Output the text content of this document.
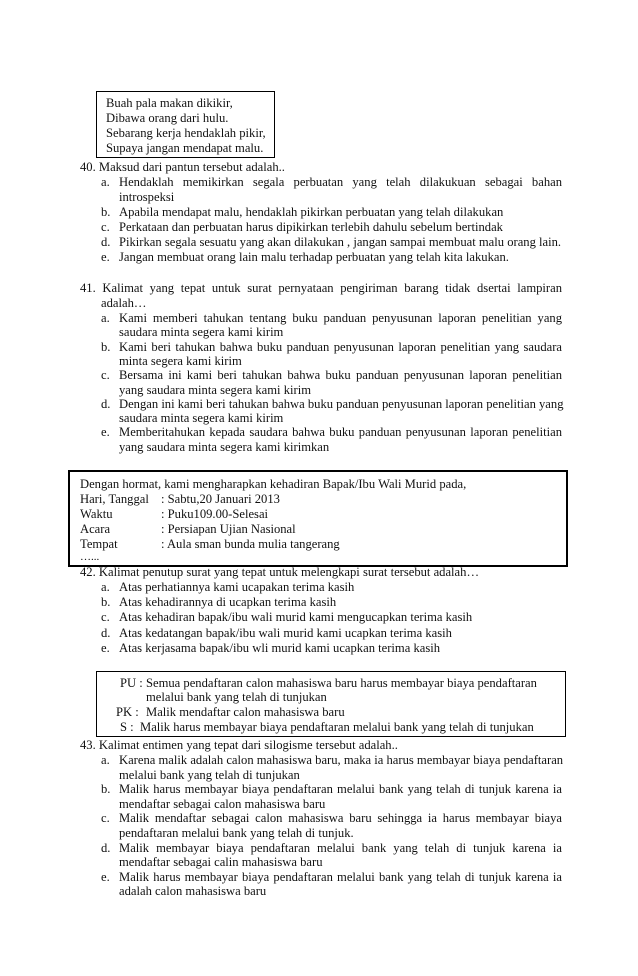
Buah pala makan dikikir,
Dibawa orang dari hulu.
Sebarang kerja hendaklah pikir,
Supaya jangan mendapat malu.
40. Maksud dari pantun tersebut adalah..
a. Hendaklah memikirkan segala perbuatan yang telah dilakukuan sebagai bahan
introspeksi
b. Apabila mendapat malu, hendaklah pikirkan perbuatan yang telah dilakukan
c. Perkataan dan perbuatan harus dipikirkan terlebih dahulu sebelum bertindak
d. Pikirkan segala sesuatu yang akan dilakukan , jangan sampai membuat malu orang lain.
e. Jangan membuat orang lain malu terhadap perbuatan yang telah kita lakukan.
41. Kalimat yang tepat untuk surat pernyataan pengiriman barang tidak dsertai lampiran
adalah…
a. Kami memberi tahukan tentang buku panduan penyusunan laporan penelitian yang
saudara minta segera kami kirim
b. Kami beri tahukan bahwa buku panduan penyusunan laporan penelitian yang saudara
minta segera kami kirim
c. Bersama ini kami beri tahukan bahwa buku panduan penyusunan laporan penelitian
yang saudara minta segera kami kirim
d. Dengan ini kami beri tahukan bahwa buku panduan penyusunan laporan penelitian yang
saudara minta segera kami kirim
e. Memberitahukan kepada saudara bahwa buku panduan penyusunan laporan penelitian
yang saudara minta segera kami kirimkan
Dengan hormat, kami mengharapkan kehadiran Bapak/Ibu Wali Murid pada,
Hari, Tanggal : Sabtu,20 Januari 2013
Waktu	: Puku109.00-Selesai
Acara	: Persiapan Ujian Nasional
Tempat	: Aula sman bunda mulia tangerang
…...
42. Kalimat penutup surat yang tepat untuk melengkapi surat tersebut adalah…
a. Atas perhatiannya kami ucapakan terima kasih
b. Atas kehadirannya di ucapkan terima kasih
c. Atas kehadiran bapak/ibu wali murid kami mengucapkan terima kasih
d. Atas kedatangan bapak/ibu wali murid kami ucapkan terima kasih
e. Atas kerjasama bapak/ibu wli murid kami ucapkan terima kasih
PU : Semua pendaftaran calon mahasiswa baru harus membayar biaya pendaftaran
melalui bank yang telah di tunjukan
PK : Malik mendaftar calon mahasiswa baru
S : Malik harus membayar biaya pendaftaran melalui bank yang telah di tunjukan
43. Kalimat entimen yang tepat dari silogisme tersebut adalah..
a. Karena malik adalah calon mahasiswa baru, maka ia harus membayar biaya pendaftaran
melalui bank yang telah di tunjukan
b. Malik harus membayar biaya pendaftaran melalui bank yang telah di tunjuk karena ia
mendaftar sebagai calon mahasiswa baru
c. Malik mendaftar sebagai calon mahasiswa baru sehingga ia harus membayar biaya
pendaftaran melalui bank yang telah di tunjuk.
d. Malik membayar biaya pendaftaran melalui bank yang telah di tunjuk karena ia
mendaftar sebagai calin mahasiswa baru
e. Malik harus membayar biaya pendaftaran melalui bank yang telah di tunjuk karena ia
adalah calon mahasiswa baru
